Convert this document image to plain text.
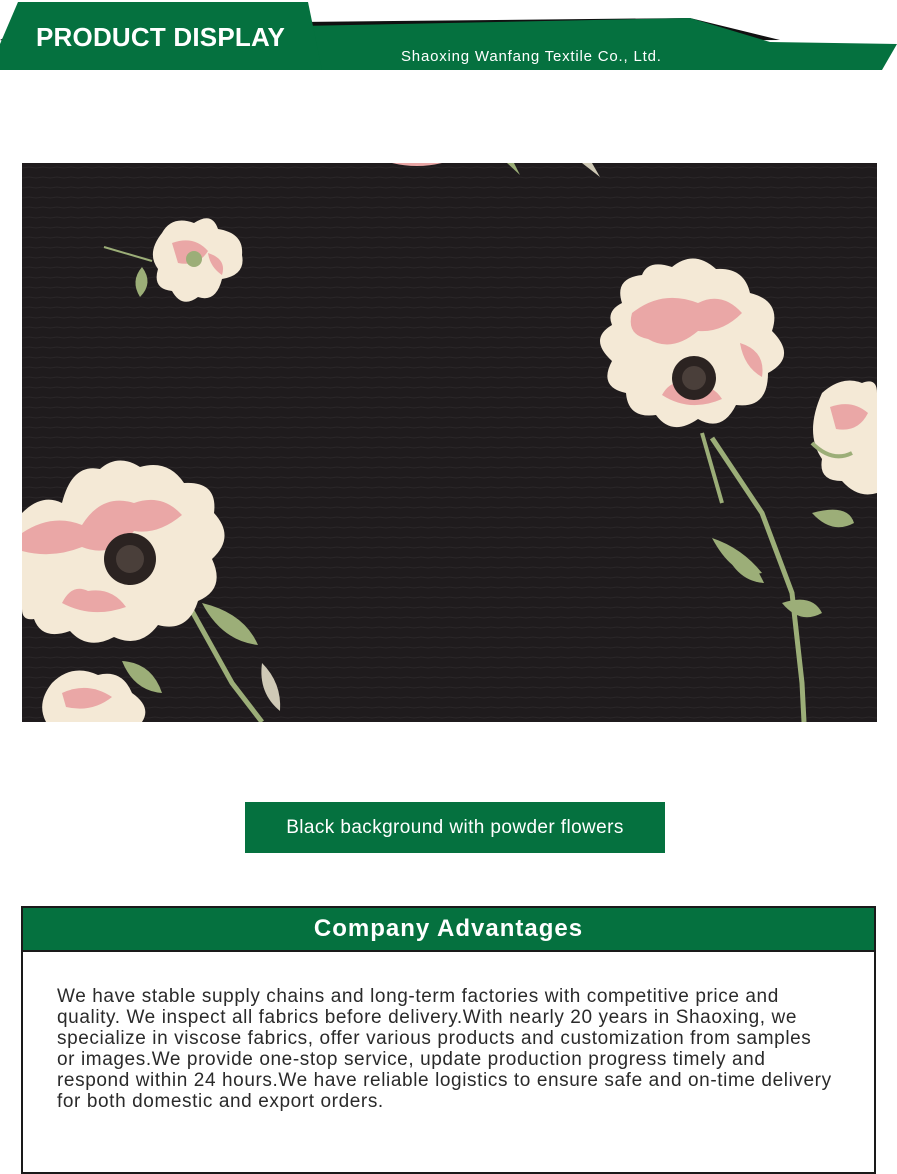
PRODUCT DISPLAY
Shaoxing Wanfang Textile Co., Ltd.
Black background with powder flowers
Company Advantages

We have stable supply chains and long-term factories with competitive price and quality. We inspect all fabrics before delivery.With nearly 20 years in Shaoxing, we specialize in viscose fabrics, offer various products and customization from samples or images.We provide one-stop service, update production progress timely and respond within 24 hours.We have reliable logistics to ensure safe and on-time delivery for both domestic and export orders.
